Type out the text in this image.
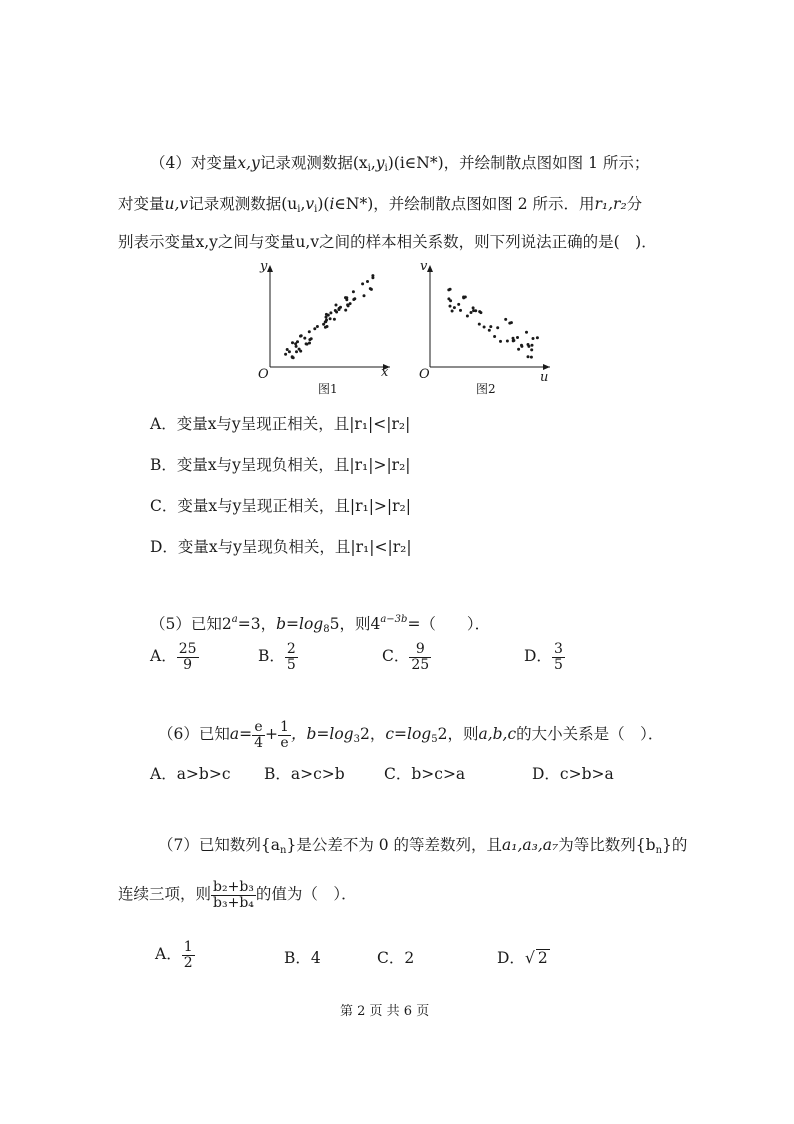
（4）对变量x,y记录观测数据$(x_i,y_i)(i\in N*)$，并绘制散点图如图 1 所示；
对变量u,v记录观测数据$(u_i,v_i)(i\in N*)$，并绘制散点图如图 2 所示．用r₁,r₂分
别表示变量x,y之间与变量u,v之间的样本相关系数，则下列说法正确的是(　)．
O	x
y
图1
O	u
v
图2
A．变量x与y呈现正相关，且|r₁|<|r₂|
B．变量x与y呈现负相关，且|r₁|>|r₂|
C．变量x与y呈现正相关，且|r₁|>|r₂|
D．变量x与y呈现负相关，且|r₁|<|r₂|
（5）已知$2^a=3$，$b=\log_85$，则$4^{a-3b}=$（　　）．
A． $\frac{25}{9}$	B． $\frac{2}{5}$	C． $\frac{9}{25}$	D． $\frac{3}{5}$
（6）已知$a= \frac{e}{4} + \frac{1}{e}$ ，$b=\log_32$，$c=\log_52$，则a,b,c的大小关系是（　）．
A．a>b>c B．a>c>b	C．b>c>a	D．c>b>a
（7）已知数列$\{a_n\}$是公差不为 0 的等差数列，且a₁,a₃,a₇为等比数列$\{b_n\}$的
连续三项，则 $\frac{\text{b₂+b₃}}{\text{b₃+b₄}}$ 的值为（　）．
A． $\frac{1}{2}$	B．4	C．2	D．√ 2
第 2 页 共 6 页
